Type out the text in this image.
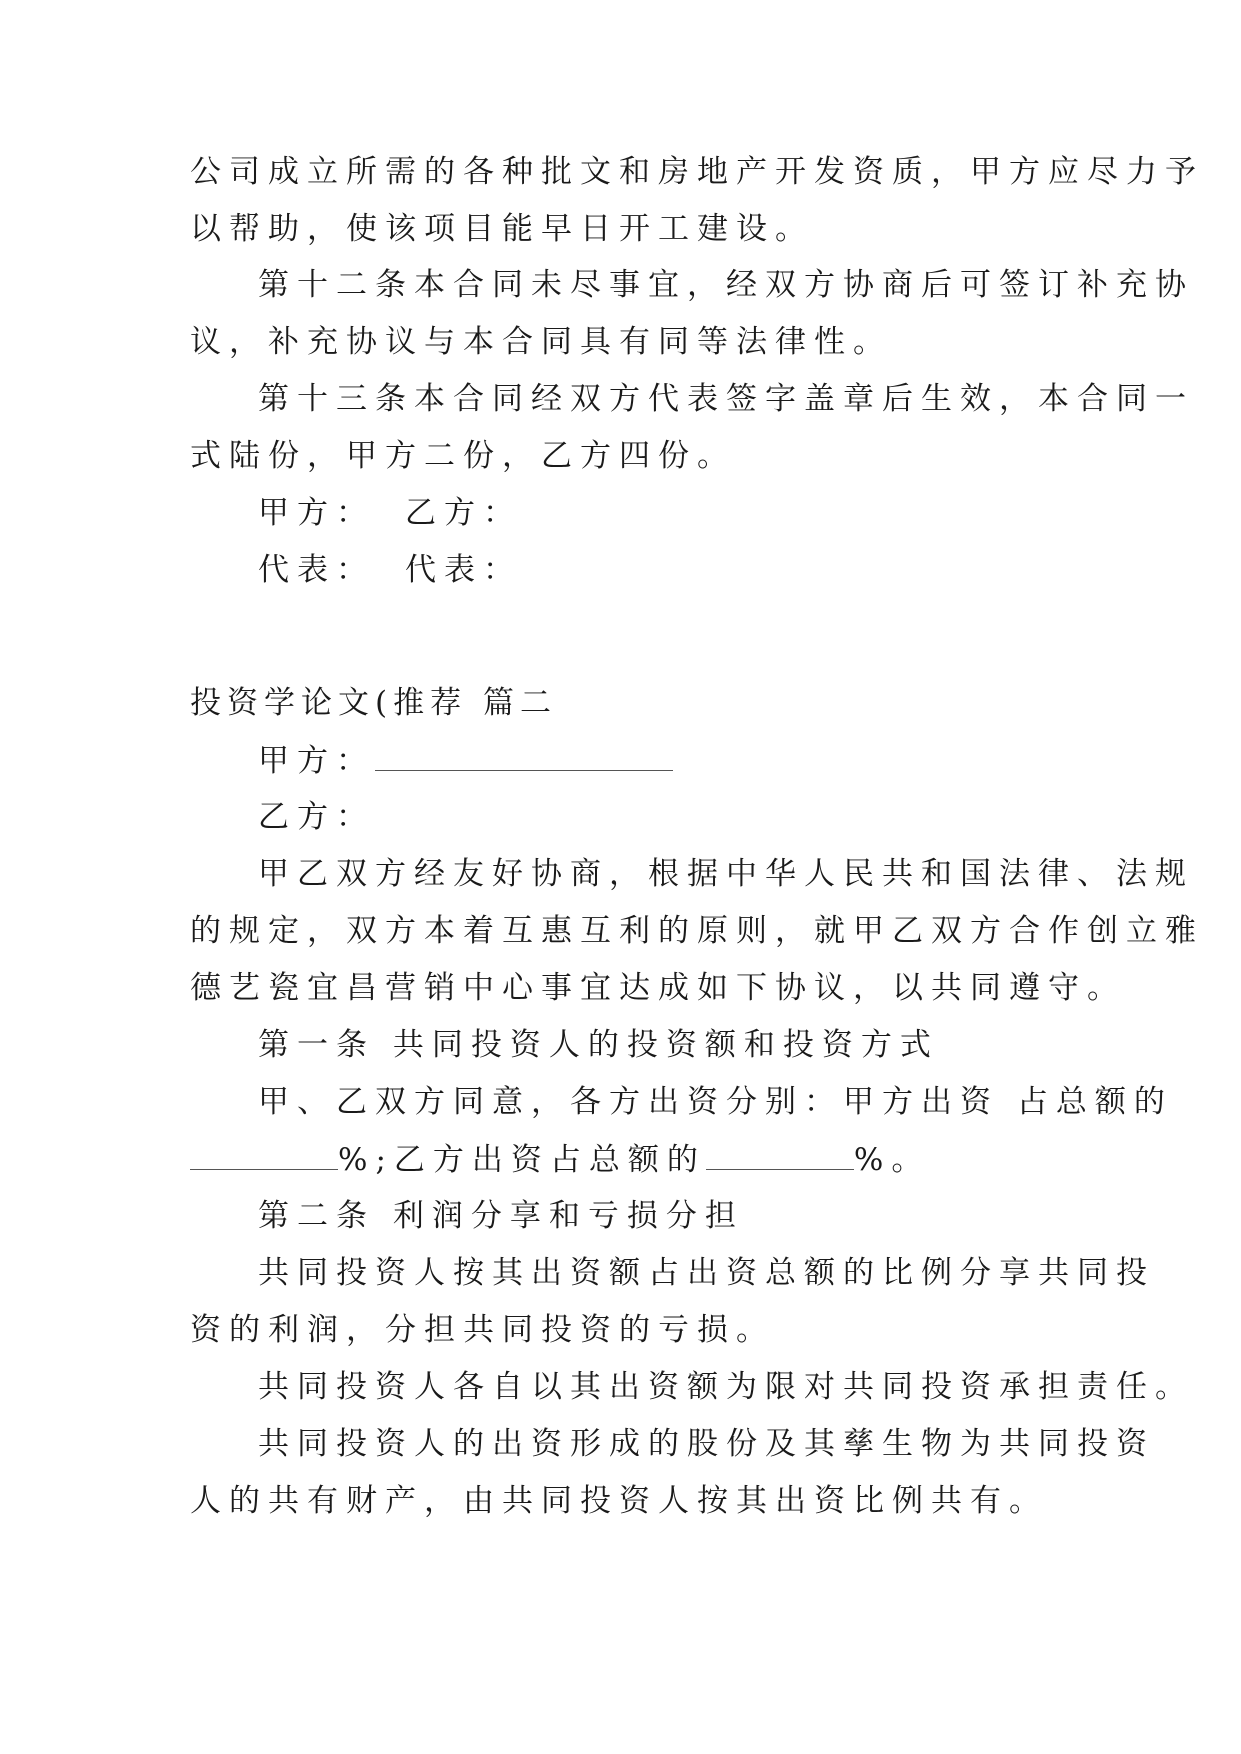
公司成立所需的各种批文和房地产开发资质，甲方应尽力予
以帮助，使该项目能早日开工建设。
第十二条本合同未尽事宜，经双方协商后可签订补充协
议，补充协议与本合同具有同等法律性。
第十三条本合同经双方代表签字盖章后生效，本合同一
式陆份，甲方二份，乙方四份。
甲方： 乙方：
代表： 代表：
投资学论文(推荐 篇二
甲方：
乙方：
甲乙双方经友好协商，根据中华人民共和国法律、法规
的规定，双方本着互惠互利的原则，就甲乙双方合作创立雅
德艺瓷宜昌营销中心事宜达成如下协议，以共同遵守。
第一条 共同投资人的投资额和投资方式
甲、乙双方同意，各方出资分别：甲方出资 占总额的
%;乙方出资占总额的	%。
第二条 利润分享和亏损分担
共同投资人按其出资额占出资总额的比例分享共同投
资的利润，分担共同投资的亏损。
共同投资人各自以其出资额为限对共同投资承担责任。
共同投资人的出资形成的股份及其孳生物为共同投资
人的共有财产，由共同投资人按其出资比例共有。
